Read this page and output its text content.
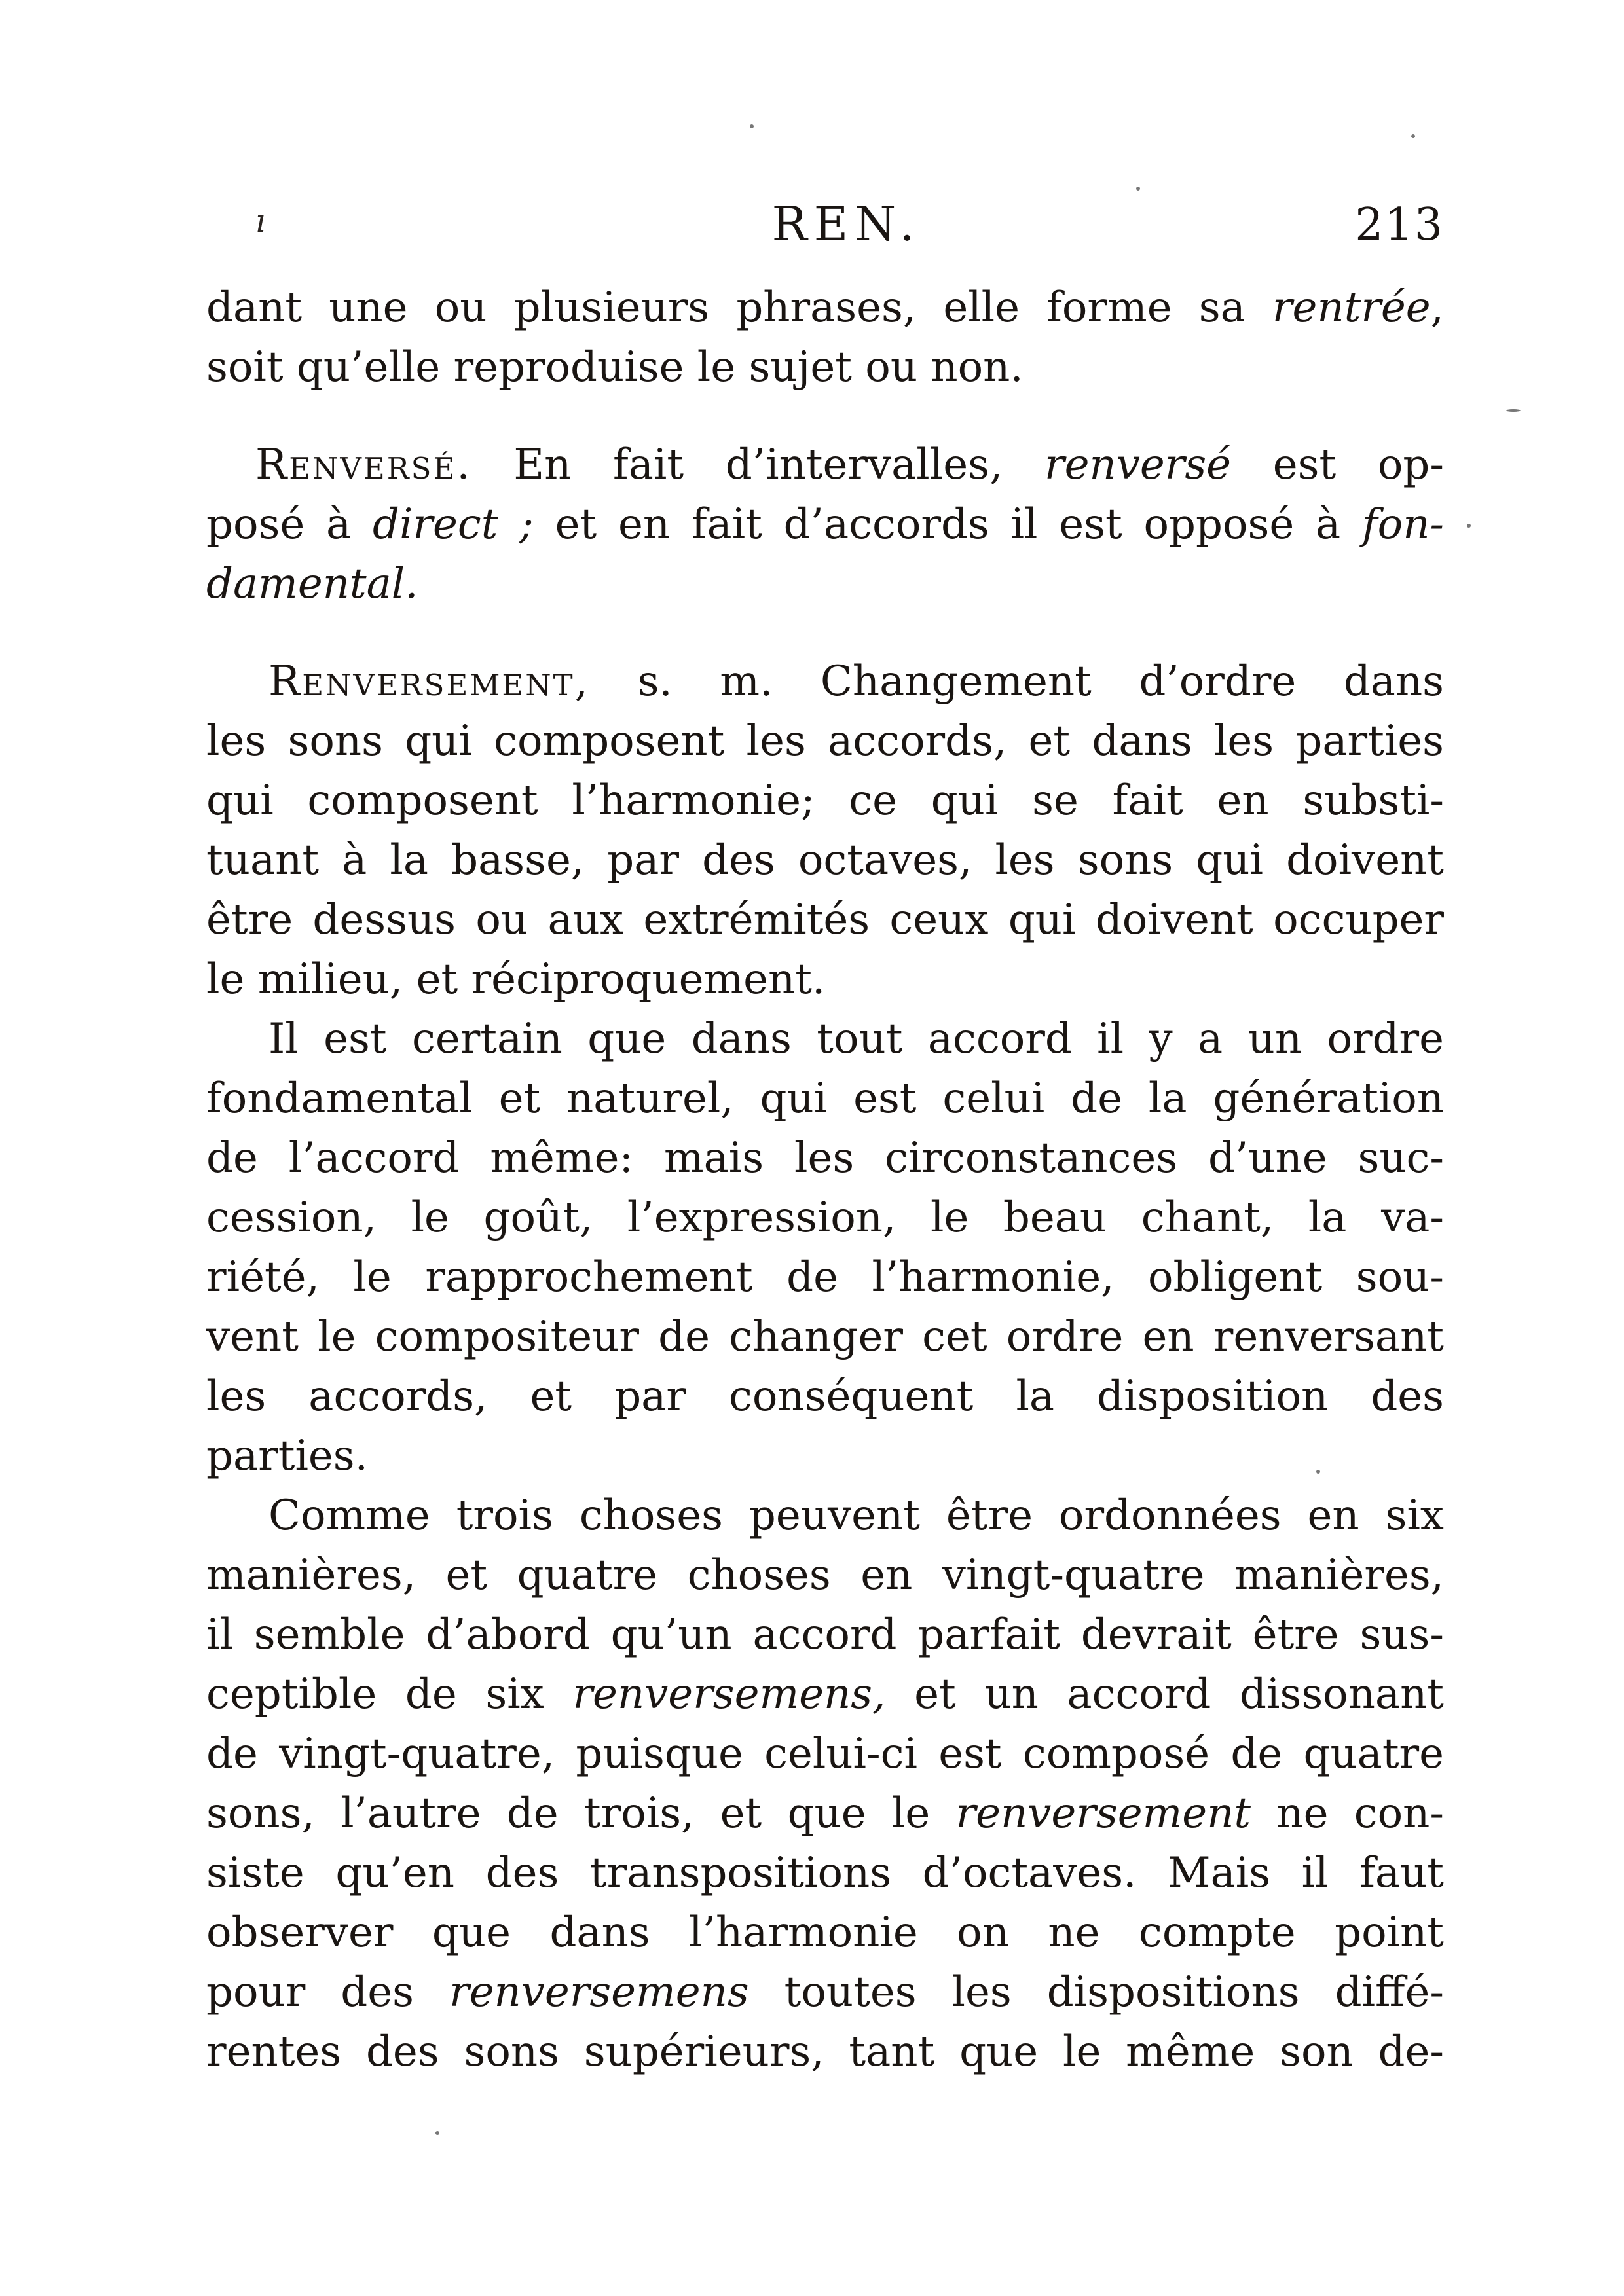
ı	REN.	213
dant une ou plusieurs phrases, elle forme sa rentrée,
soit qu’elle reproduise le sujet ou non.
Renversé. En fait d’intervalles, renversé est op-
posé à direct ; et en fait d’accords il est opposé à fon-
damental.
Renversement, s. m. Changement d’ordre dans
les sons qui composent les accords, et dans les parties
qui composent l’harmonie; ce qui se fait en substi-
tuant à la basse, par des octaves, les sons qui doivent
être dessus ou aux extrémités ceux qui doivent occuper
le milieu, et réciproquement.
Il est certain que dans tout accord il y a un ordre
fondamental et naturel, qui est celui de la génération
de l’accord même: mais les circonstances d’une suc-
cession, le goût, l’expression, le beau chant, la va-
riété, le rapprochement de l’harmonie, obligent sou-
vent le compositeur de changer cet ordre en renversant
les accords, et par conséquent la disposition des
parties.
Comme trois choses peuvent être ordonnées en six
manières, et quatre choses en vingt-quatre manières,
il semble d’abord qu’un accord parfait devrait être sus-
ceptible de six renversemens, et un accord dissonant
de vingt-quatre, puisque celui-ci est composé de quatre
sons, l’autre de trois, et que le renversement ne con-
siste qu’en des transpositions d’octaves. Mais il faut
observer que dans l’harmonie on ne compte point
pour des renversemens toutes les dispositions diffé-
rentes des sons supérieurs, tant que le même son de-
